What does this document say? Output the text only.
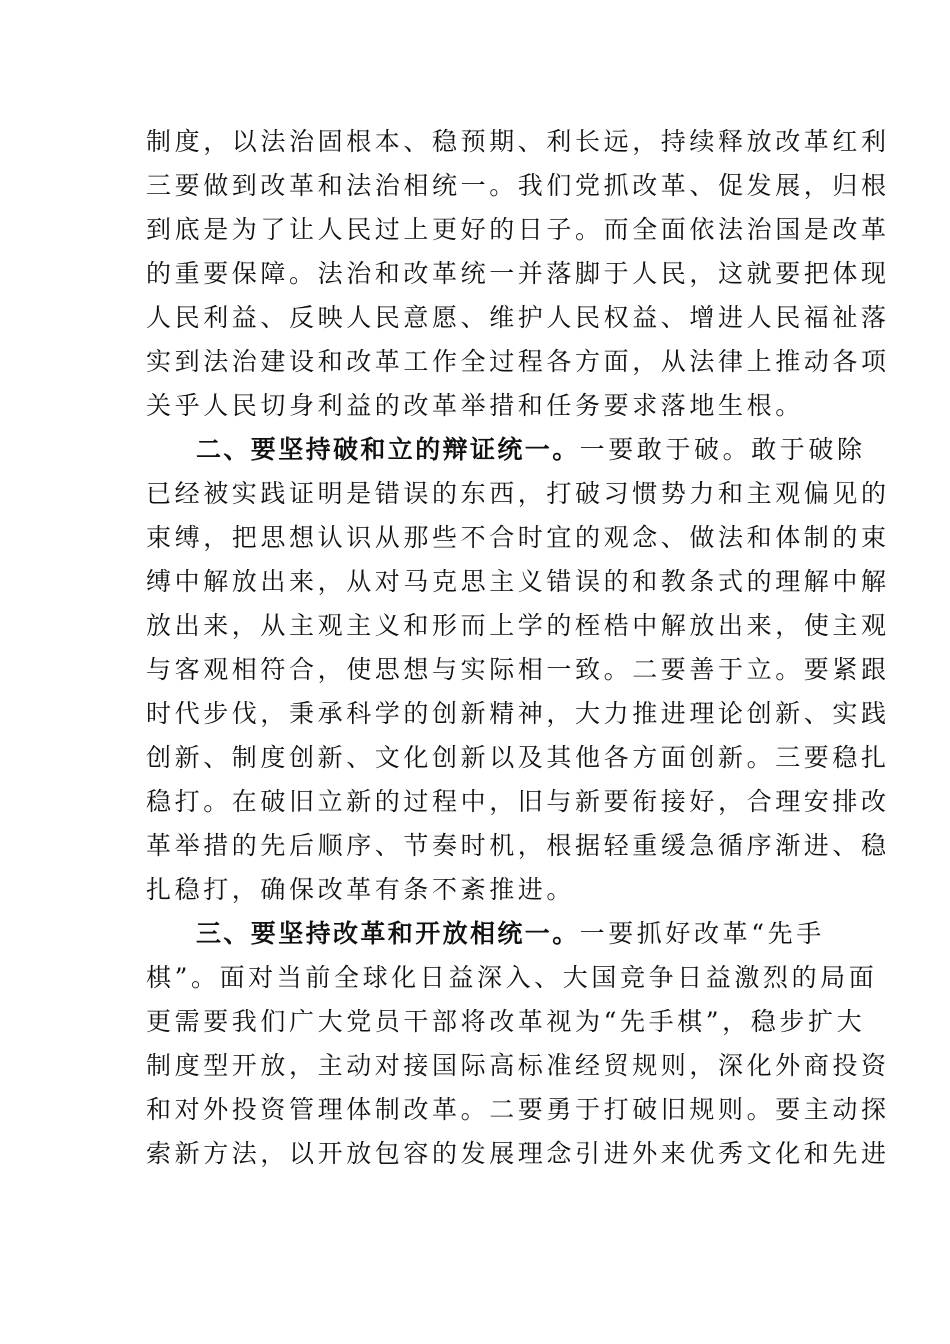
制度，以法治固根本、稳预期、利长远，持续释放改革红利
三要做到改革和法治相统一。我们党抓改革、促发展，归根
到底是为了让人民过上更好的日子。而全面依法治国是改革
的重要保障。法治和改革统一并落脚于人民，这就要把体现
人民利益、反映人民意愿、维护人民权益、增进人民福祉落
实到法治建设和改革工作全过程各方面，从法律上推动各项
关乎人民切身利益的改革举措和任务要求落地生根。
二、要坚持破和立的辩证统一。一要敢于破。敢于破除
已经被实践证明是错误的东西，打破习惯势力和主观偏见的
束缚，把思想认识从那些不合时宜的观念、做法和体制的束
缚中解放出来，从对马克思主义错误的和教条式的理解中解
放出来，从主观主义和形而上学的桎梏中解放出来，使主观
与客观相符合，使思想与实际相一致。二要善于立。要紧跟
时代步伐，秉承科学的创新精神，大力推进理论创新、实践
创新、制度创新、文化创新以及其他各方面创新。三要稳扎
稳打。在破旧立新的过程中，旧与新要衔接好，合理安排改
革举措的先后顺序、节奏时机，根据轻重缓急循序渐进、稳
扎稳打，确保改革有条不紊推进。
三、要坚持改革和开放相统一。一要抓好改革“先手
棋”。面对当前全球化日益深入、大国竞争日益激烈的局面
更需要我们广大党员干部将改革视为“先手棋”，稳步扩大
制度型开放，主动对接国际高标准经贸规则，深化外商投资
和对外投资管理体制改革。二要勇于打破旧规则。要主动探
索新方法，以开放包容的发展理念引进外来优秀文化和先进
